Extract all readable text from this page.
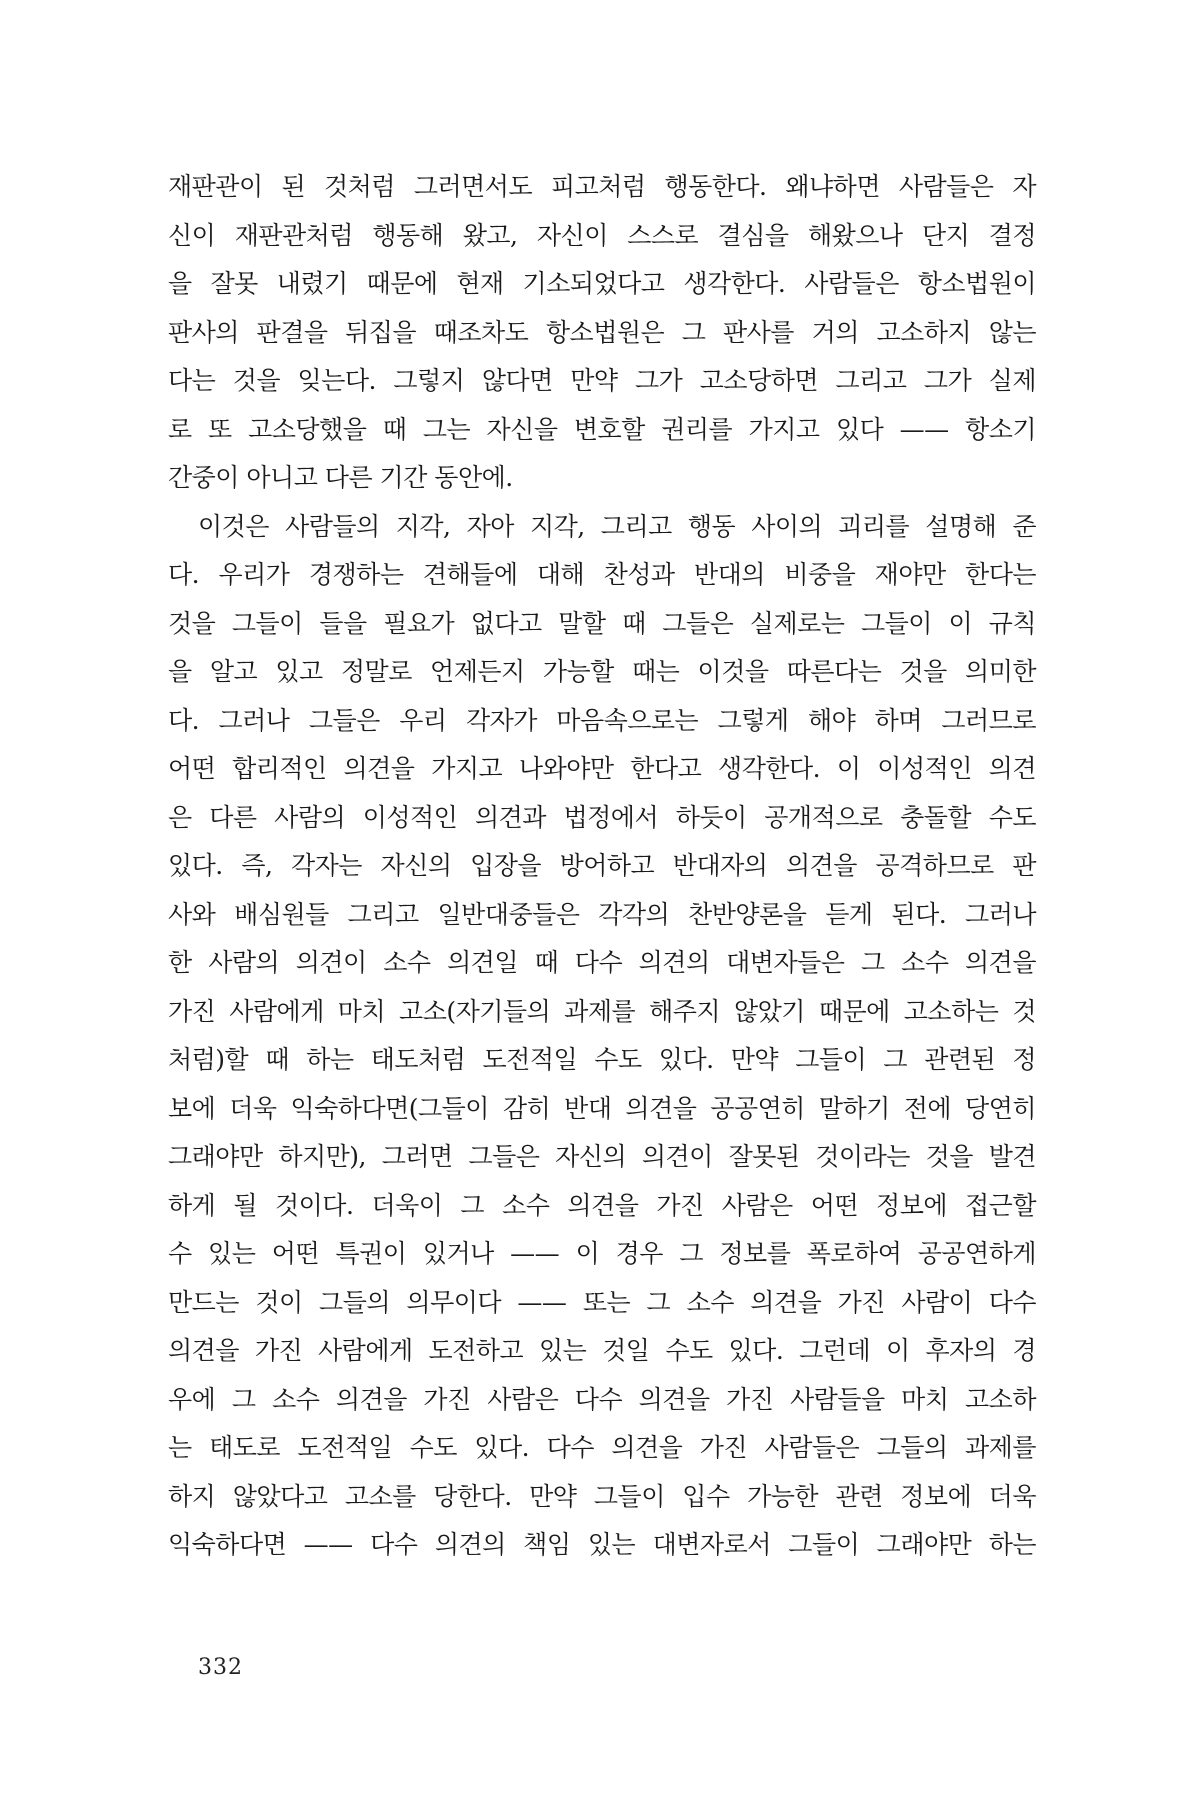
재판관이 된 것처럼 그러면서도 피고처럼 행동한다. 왜냐하면 사람들은 자
신이 재판관처럼 행동해 왔고, 자신이 스스로 결심을 해왔으나 단지 결정
을 잘못 내렸기 때문에 현재 기소되었다고 생각한다. 사람들은 항소법원이
판사의 판결을 뒤집을 때조차도 항소법원은 그 판사를 거의 고소하지 않는
다는 것을 잊는다. 그렇지 않다면 만약 그가 고소당하면 그리고 그가 실제
로 또 고소당했을 때 그는 자신을 변호할 권리를 가지고 있다 —— 항소기
간중이 아니고 다른 기간 동안에.
이것은 사람들의 지각, 자아 지각, 그리고 행동 사이의 괴리를 설명해 준
다. 우리가 경쟁하는 견해들에 대해 찬성과 반대의 비중을 재야만 한다는
것을 그들이 들을 필요가 없다고 말할 때 그들은 실제로는 그들이 이 규칙
을 알고 있고 정말로 언제든지 가능할 때는 이것을 따른다는 것을 의미한
다. 그러나 그들은 우리 각자가 마음속으로는 그렇게 해야 하며 그러므로
어떤 합리적인 의견을 가지고 나와야만 한다고 생각한다. 이 이성적인 의견
은 다른 사람의 이성적인 의견과 법정에서 하듯이 공개적으로 충돌할 수도
있다. 즉, 각자는 자신의 입장을 방어하고 반대자의 의견을 공격하므로 판
사와 배심원들 그리고 일반대중들은 각각의 찬반양론을 듣게 된다. 그러나
한 사람의 의견이 소수 의견일 때 다수 의견의 대변자들은 그 소수 의견을
가진 사람에게 마치 고소(자기들의 과제를 해주지 않았기 때문에 고소하는 것
처럼)할 때 하는 태도처럼 도전적일 수도 있다. 만약 그들이 그 관련된 정
보에 더욱 익숙하다면(그들이 감히 반대 의견을 공공연히 말하기 전에 당연히
그래야만 하지만), 그러면 그들은 자신의 의견이 잘못된 것이라는 것을 발견
하게 될 것이다. 더욱이 그 소수 의견을 가진 사람은 어떤 정보에 접근할
수 있는 어떤 특권이 있거나 —— 이 경우 그 정보를 폭로하여 공공연하게
만드는 것이 그들의 의무이다 —— 또는 그 소수 의견을 가진 사람이 다수
의견을 가진 사람에게 도전하고 있는 것일 수도 있다. 그런데 이 후자의 경
우에 그 소수 의견을 가진 사람은 다수 의견을 가진 사람들을 마치 고소하
는 태도로 도전적일 수도 있다. 다수 의견을 가진 사람들은 그들의 과제를
하지 않았다고 고소를 당한다. 만약 그들이 입수 가능한 관련 정보에 더욱
익숙하다면 —— 다수 의견의 책임 있는 대변자로서 그들이 그래야만 하는
332
